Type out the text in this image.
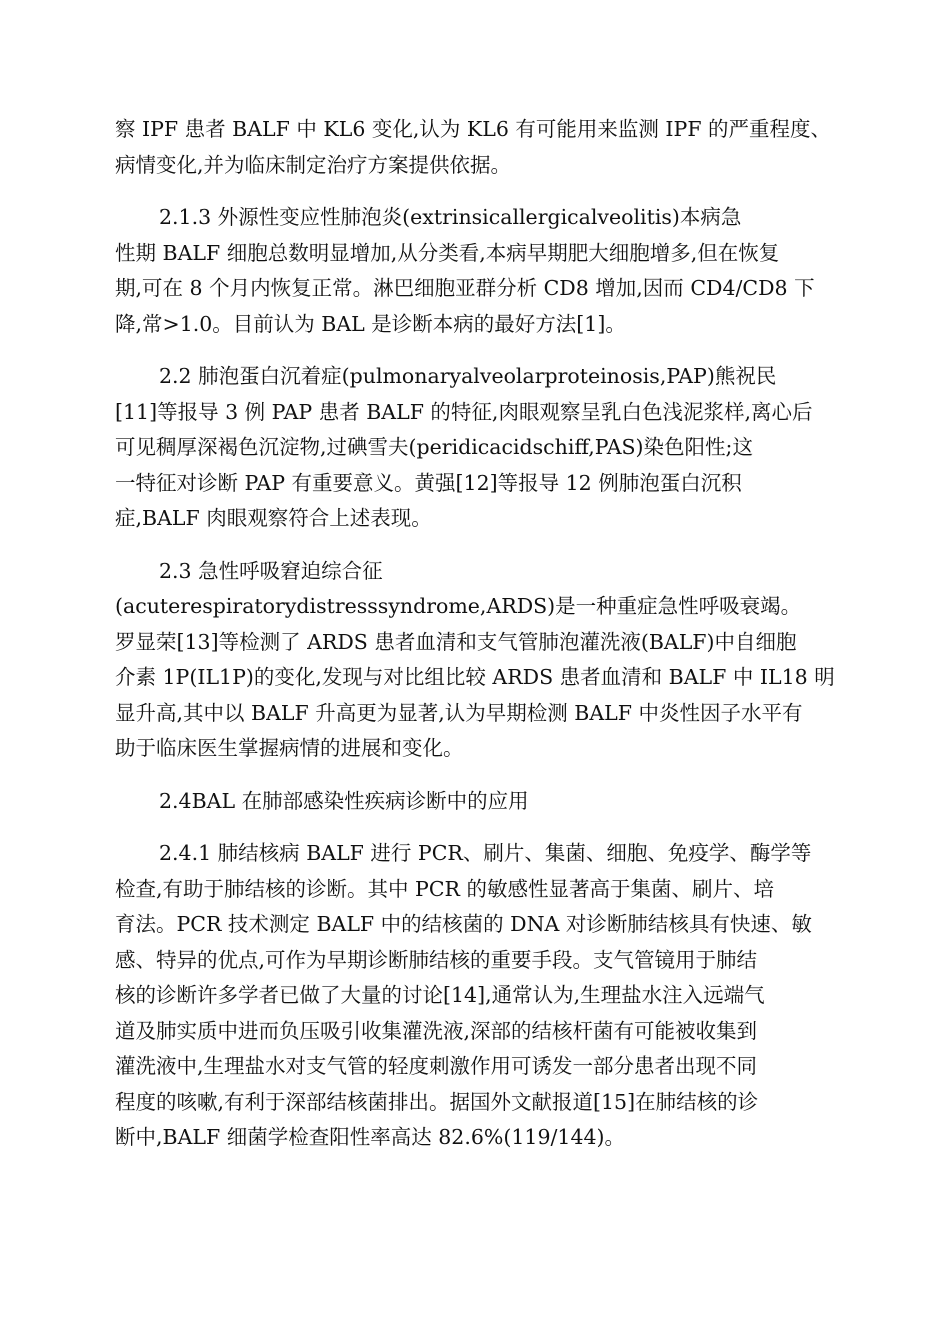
察 IPF 患者 BALF 中 KL6 变化,认为 KL6 有可能用来监测 IPF 的严重程度、
病情变化,并为临床制定治疗方案提供依据。
2.1.3 外源性变应性肺泡炎(extrinsicallergicalveolitis)本病急
性期 BALF 细胞总数明显增加,从分类看,本病早期肥大细胞增多,但在恢复
期,可在 8 个月内恢复正常。淋巴细胞亚群分析 CD8 增加,因而 CD4/CD8 下
降,常>1.0。目前认为 BAL 是诊断本病的最好方法[1]。
2.2 肺泡蛋白沉着症(pulmonaryalveolarproteinosis,PAP)熊祝民
[11]等报导 3 例 PAP 患者 BALF 的特征,肉眼观察呈乳白色浅泥浆样,离心后
可见稠厚深褐色沉淀物,过碘雪夫(peridicacidschiff,PAS)染色阳性;这
一特征对诊断 PAP 有重要意义。黄强[12]等报导 12 例肺泡蛋白沉积
症,BALF 肉眼观察符合上述表现。
2.3 急性呼吸窘迫综合征
(acuterespiratorydistresssyndrome,ARDS)是一种重症急性呼吸衰竭。
罗显荣[13]等检测了 ARDS 患者血清和支气管肺泡灌洗液(BALF)中自细胞
介素 1P(IL1P)的变化,发现与对比组比较 ARDS 患者血清和 BALF 中 IL18 明
显升高,其中以 BALF 升高更为显著,认为早期检测 BALF 中炎性因子水平有
助于临床医生掌握病情的进展和变化。
2.4BAL 在肺部感染性疾病诊断中的应用
2.4.1 肺结核病 BALF 进行 PCR、刷片、集菌、细胞、免疫学、酶学等
检查,有助于肺结核的诊断。其中 PCR 的敏感性显著高于集菌、刷片、培
育法。PCR 技术测定 BALF 中的结核菌的 DNA 对诊断肺结核具有快速、敏
感、特异的优点,可作为早期诊断肺结核的重要手段。支气管镜用于肺结
核的诊断许多学者已做了大量的讨论[14],通常认为,生理盐水注入远端气
道及肺实质中进而负压吸引收集灌洗液,深部的结核杆菌有可能被收集到
灌洗液中,生理盐水对支气管的轻度刺激作用可诱发一部分患者出现不同
程度的咳嗽,有利于深部结核菌排出。据国外文献报道[15]在肺结核的诊
断中,BALF 细菌学检查阳性率高达 82.6%(119/144)。
